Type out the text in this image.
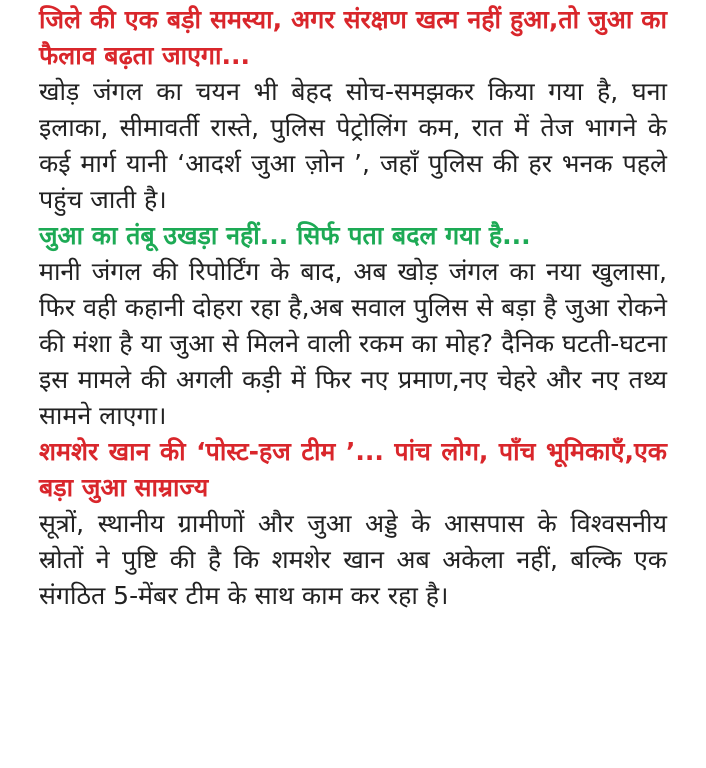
जिले की एक बड़ी समस्या, अगर संरक्षण खत्म नहीं हुआ,तो जुआ का फैलाव बढ़ता जाएगा...

खोड़ जंगल का चयन भी बेहद सोच-समझकर किया गया है, घना इलाका, सीमावर्ती रास्ते, पुलिस पेट्रोलिंग कम, रात में तेज भागने के कई मार्ग यानी ‘आदर्श जुआ ज़ोन ’, जहाँ पुलिस की हर भनक पहले पहुंच जाती है।

जुआ का तंबू उखड़ा नहीं... सिर्फ पता बदल गया है...

मानी जंगल की रिपोर्टिंग के बाद, अब खोड़ जंगल का नया खुलासा, फिर वही कहानी दोहरा रहा है,अब सवाल पुलिस से बड़ा है जुआ रोकने की मंशा है या जुआ से मिलने वाली रकम का मोह? दैनिक घटती-घटना इस मामले की अगली कड़ी में फिर नए प्रमाण,नए चेहरे और नए तथ्य सामने लाएगा।

शमशेर खान की ‘पोस्ट-हज टीम ’... पांच लोग, पाँच भूमिकाएँ,एक बड़ा जुआ साम्राज्य

सूत्रों, स्थानीय ग्रामीणों और जुआ अड्डे के आसपास के विश्वसनीय स्रोतों ने पुष्टि की है कि शमशेर खान अब अकेला नहीं, बल्कि एक संगठित 5-मेंबर टीम के साथ काम कर रहा है।
